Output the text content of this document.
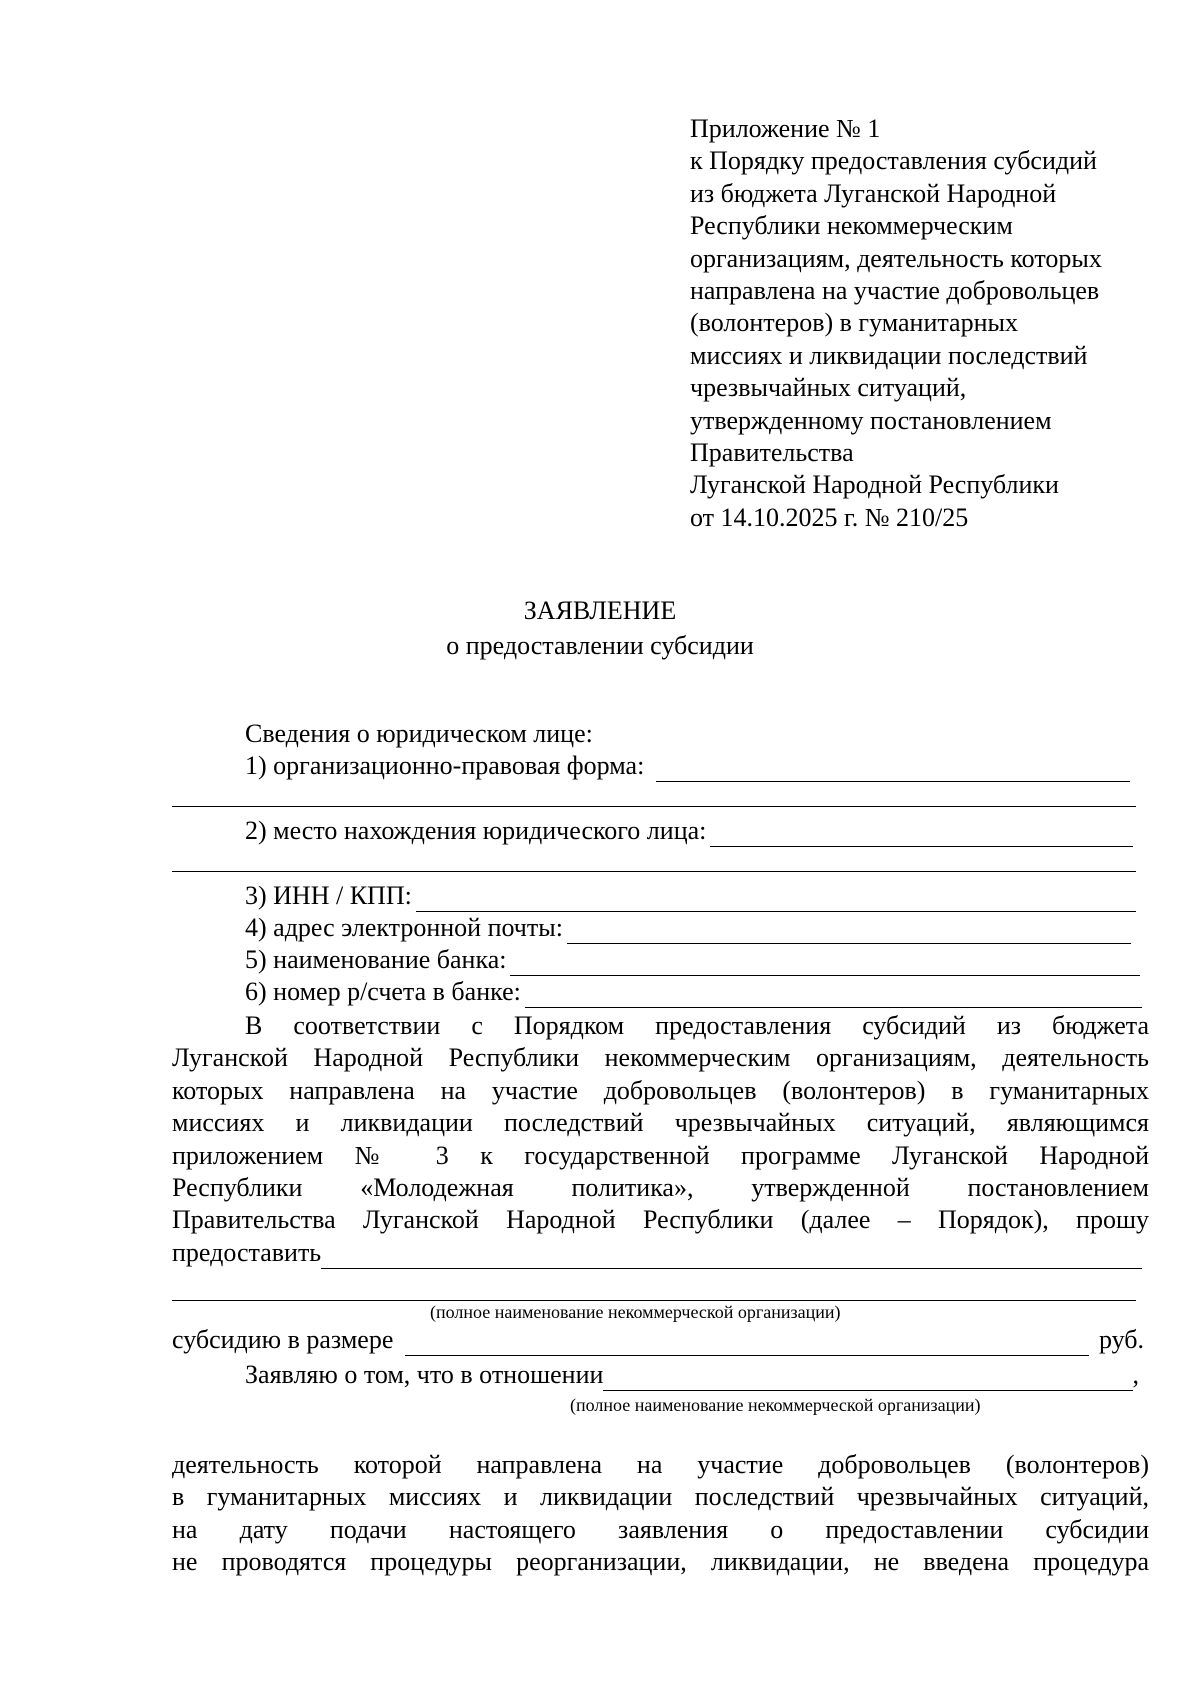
Приложение № 1
к Порядку предоставления субсидий
из бюджета Луганской Народной
Республики некоммерческим
организациям, деятельность которых
направлена на участие добровольцев
(волонтеров) в гуманитарных
миссиях и ликвидации последствий
чрезвычайных ситуаций,
утвержденному постановлением
Правительства
Луганской Народной Республики
от 14.10.2025 г. № 210/25
ЗАЯВЛЕНИЕ
о предоставлении субсидии
Сведения о юридическом лице:
1) организационно-правовая форма:
2) место нахождения юридического лица:
3) ИНН / КПП:
4) адрес электронной почты:
5) наименование банка:
6) номер р/счета в банке:
В соответствии с Порядком предоставления субсидий из бюджета
Луганской Народной Республики некоммерческим организациям, деятельность
которых направлена на участие добровольцев (волонтеров) в гуманитарных
миссиях и ликвидации последствий чрезвычайных ситуаций, являющимся
приложением № 3 к государственной программе Луганской Народной
Республики «Молодежная политика», утвержденной постановлением
Правительства Луганской Народной Республики (далее – Порядок), прошу
предоставить
(полное наименование некоммерческой организации)
субсидию в размере	руб.
Заявляю о том, что в отношении	,
(полное наименование некоммерческой организации)
деятельность которой направлена на участие добровольцев (волонтеров)
в гуманитарных миссиях и ликвидации последствий чрезвычайных ситуаций,
на дату подачи настоящего заявления о предоставлении субсидии
не проводятся процедуры реорганизации, ликвидации, не введена процедура
